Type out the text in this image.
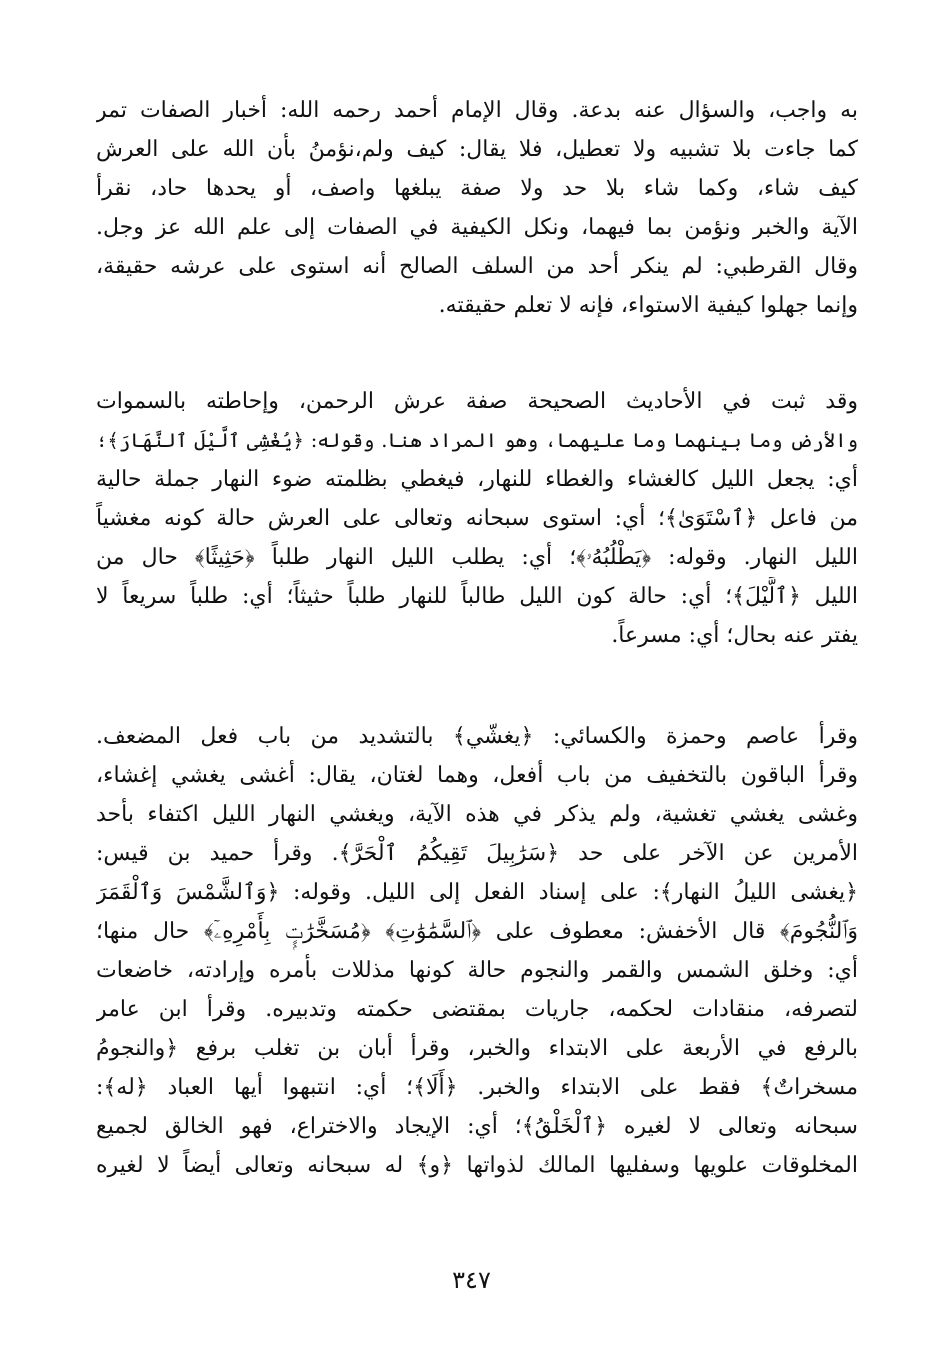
به واجب، والسؤال عنه بدعة. وقال الإمام أحمد رحمه الله: أخبار الصفات تمر
كما جاءت بلا تشبيه ولا تعطيل، فلا يقال: كيف ولم،نؤمنُ بأن الله على العرش
كيف شاء، وكما شاء بلا حد ولا صفة يبلغها واصف، أو يحدها حاد، نقرأ
الآية والخبر ونؤمن بما فيهما، ونكل الكيفية في الصفات إلى علم الله عز وجل.
وقال القرطبي: لم ينكر أحد من السلف الصالح أنه استوى على عرشه حقيقة،
وإنما جهلوا كيفية الاستواء، فإنه لا تعلم حقيقته.
وقد ثبت في الأحاديث الصحيحة صفة عرش الرحمن، وإحاطته بالسموات
والأرض وما بينهما وما عليهما، وهو المراد هنا. وقوله: ﴿يُغْشِى ٱلَّيْلَ ٱلنَّهَارَ﴾؛
أي: يجعل الليل كالغشاء والغطاء للنهار، فيغطي بظلمته ضوء النهار جملة حالية
من فاعل ﴿ٱسْتَوَىٰ﴾؛ أي: استوى سبحانه وتعالى على العرش حالة كونه مغشياً
الليل النهار. وقوله: ﴿يَطْلُبُهُۥ﴾؛ أي: يطلب الليل النهار طلباً ﴿حَثِيثًا﴾ حال من
الليل ﴿ٱلَّيْلَ﴾؛ أي: حالة كون الليل طالباً للنهار طلباً حثيثاً؛ أي: طلباً سريعاً لا
يفتر عنه بحال؛ أي: مسرعاً.
وقرأ عاصم وحمزة والكسائي: ﴿يغشّي﴾ بالتشديد من باب فعل المضعف.
وقرأ الباقون بالتخفيف من باب أفعل، وهما لغتان، يقال: أغشى يغشي إغشاء،
وغشى يغشي تغشية، ولم يذكر في هذه الآية، ويغشي النهار الليل اكتفاء بأحد
الأمرين عن الآخر على حد ﴿سَرَٰبِيلَ تَقِيكُمُ ٱلْحَرَّ﴾. وقرأ حميد بن قيس:
﴿يغشى الليلُ النهار﴾: على إسناد الفعل إلى الليل. وقوله: ﴿وَٱلشَّمْسَ وَٱلْقَمَرَ
وَٱلنُّجُومَ﴾ قال الأخفش: معطوف على ﴿ٱلسَّمَٰوَٰتِ﴾ ﴿مُسَخَّرَٰتٍۭ بِأَمْرِهِۦٓ﴾ حال منها؛
أي: وخلق الشمس والقمر والنجوم حالة كونها مذللات بأمره وإرادته، خاضعات
لتصرفه، منقادات لحكمه، جاريات بمقتضى حكمته وتدبيره. وقرأ ابن عامر
بالرفع في الأربعة على الابتداء والخبر، وقرأ أبان بن تغلب برفع ﴿والنجومُ
مسخراتٌ﴾ فقط على الابتداء والخبر. ﴿أَلَا﴾؛ أي: انتبهوا أيها العباد ﴿له﴾:
سبحانه وتعالى لا لغيره ﴿ٱلْخَلْقُ﴾؛ أي: الإيجاد والاختراع، فهو الخالق لجميع
المخلوقات علويها وسفليها المالك لذواتها ﴿و﴾ له سبحانه وتعالى أيضاً لا لغيره
٣٤٧
